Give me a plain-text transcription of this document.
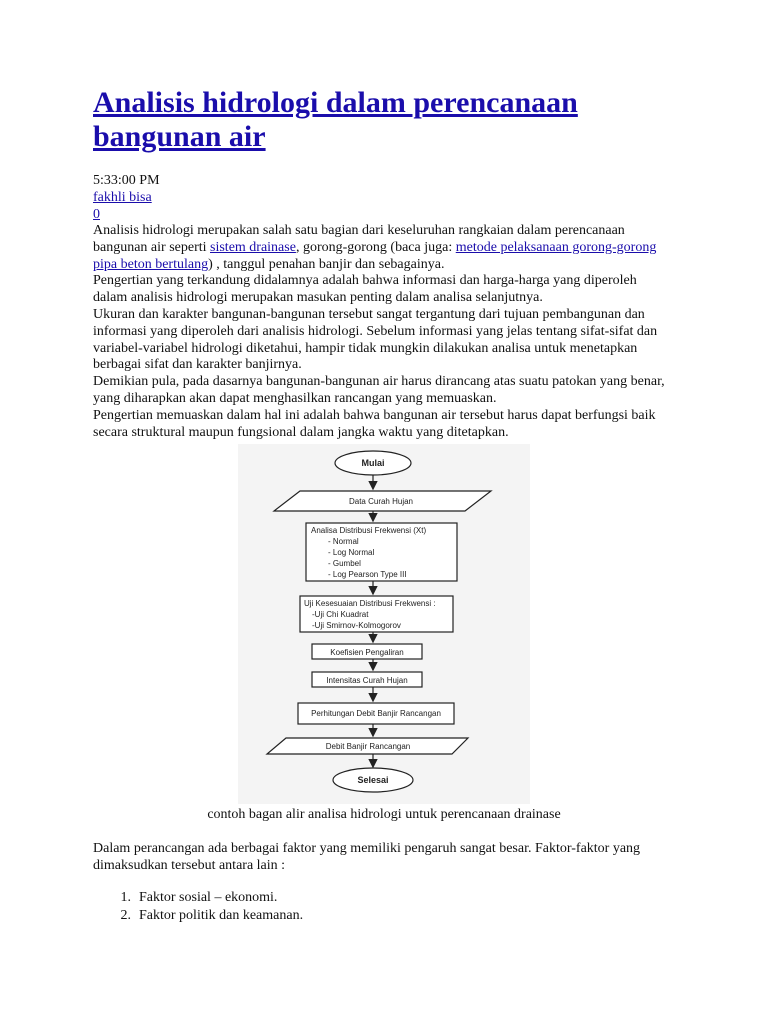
Analisis hidrologi dalam perencanaan bangunan air
5:33:00 PM
fakhli bisa
0

Analisis hidrologi merupakan salah satu bagian dari keseluruhan rangkaian dalam perencanaan bangunan air seperti sistem drainase, gorong-gorong (baca juga: metode pelaksanaan gorong-gorong pipa beton bertulang) , tanggul penahan banjir dan sebagainya.

Pengertian yang terkandung didalamnya adalah bahwa informasi dan harga-harga yang diperoleh dalam analisis hidrologi merupakan masukan penting dalam analisa selanjutnya.

Ukuran dan karakter bangunan-bangunan tersebut sangat tergantung dari tujuan pembangunan dan informasi yang diperoleh dari analisis hidrologi. Sebelum informasi yang jelas tentang sifat-sifat dan variabel-variabel hidrologi diketahui, hampir tidak mungkin dilakukan analisa untuk menetapkan berbagai sifat dan karakter banjirnya.

Demikian pula, pada dasarnya bangunan-bangunan air harus dirancang atas suatu patokan yang benar, yang diharapkan akan dapat menghasilkan rancangan yang memuaskan.

Pengertian memuaskan dalam hal ini adalah bahwa bangunan air tersebut harus dapat berfungsi baik secara struktural maupun fungsional dalam jangka waktu yang ditetapkan.

Mulai
Data Curah Hujan
Analisa Distribusi Frekwensi (Xt)
- Normal
- Log Normal
- Gumbel
- Log Pearson Type III
Uji Kesesuaian Distribusi Frekwensi :
-Uji Chi Kuadrat
-Uji Smirnov-Kolmogorov
Koefisien Pengaliran
Intensitas Curah Hujan
Perhitungan Debit Banjir Rancangan
Debit Banjir Rancangan
Selesai
contoh bagan alir analisa hidrologi untuk perencanaan drainase

Dalam perancangan ada berbagai faktor yang memiliki pengaruh sangat besar. Faktor-faktor yang dimaksudkan tersebut antara lain :

1. Faktor sosial – ekonomi.
2. Faktor politik dan keamanan.
